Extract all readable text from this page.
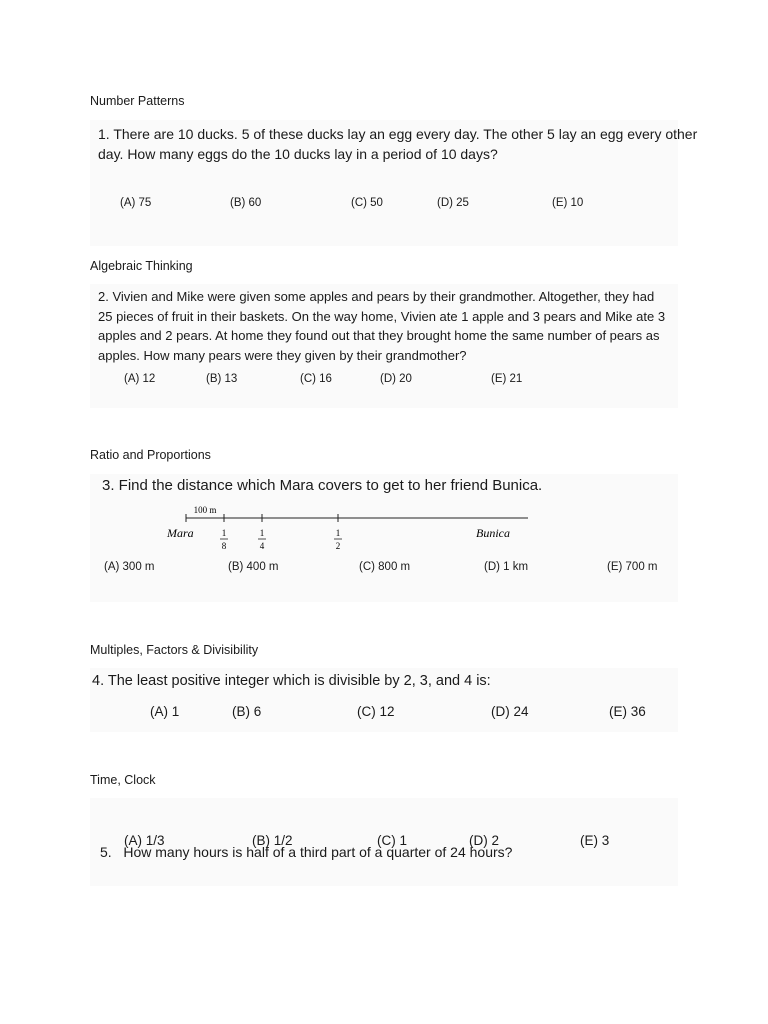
Number Patterns
1. There are 10 ducks. 5 of these ducks lay an egg every day. The other 5 lay an egg every other
day. How many eggs do the 10 ducks lay in a period of 10 days?
(A) 75	(B) 60	(C) 50	(D) 25	(E) 10
Algebraic Thinking
2. Vivien and Mike were given some apples and pears by their grandmother. Altogether, they had
25 pieces of fruit in their baskets. On the way home, Vivien ate 1 apple and 3 pears and Mike ate 3
apples and 2 pears. At home they found out that they brought home the same number of pears as
apples. How many pears were they given by their grandmother?
(A) 12	(B) 13	(C) 16	(D) 20	(E) 21
Ratio and Proportions
3. Find the distance which Mara covers to get to her friend Bunica.
100 m
Mara	Bunica
1
8
1
4
1
2
(A) 300 m	(B) 400 m	(C) 800 m	(D) 1 km	(E) 700 m
Multiples, Factors & Divisibility
4. The least positive integer which is divisible by 2, 3, and 4 is:
(A) 1	(B) 6	(C) 12	(D) 24	(E) 36
Time, Clock

5.   How many hours is half of a third part of a quarter of 24 hours?

(A) 1/3	(B) 1/2	(C) 1	(D) 2	(E) 3
